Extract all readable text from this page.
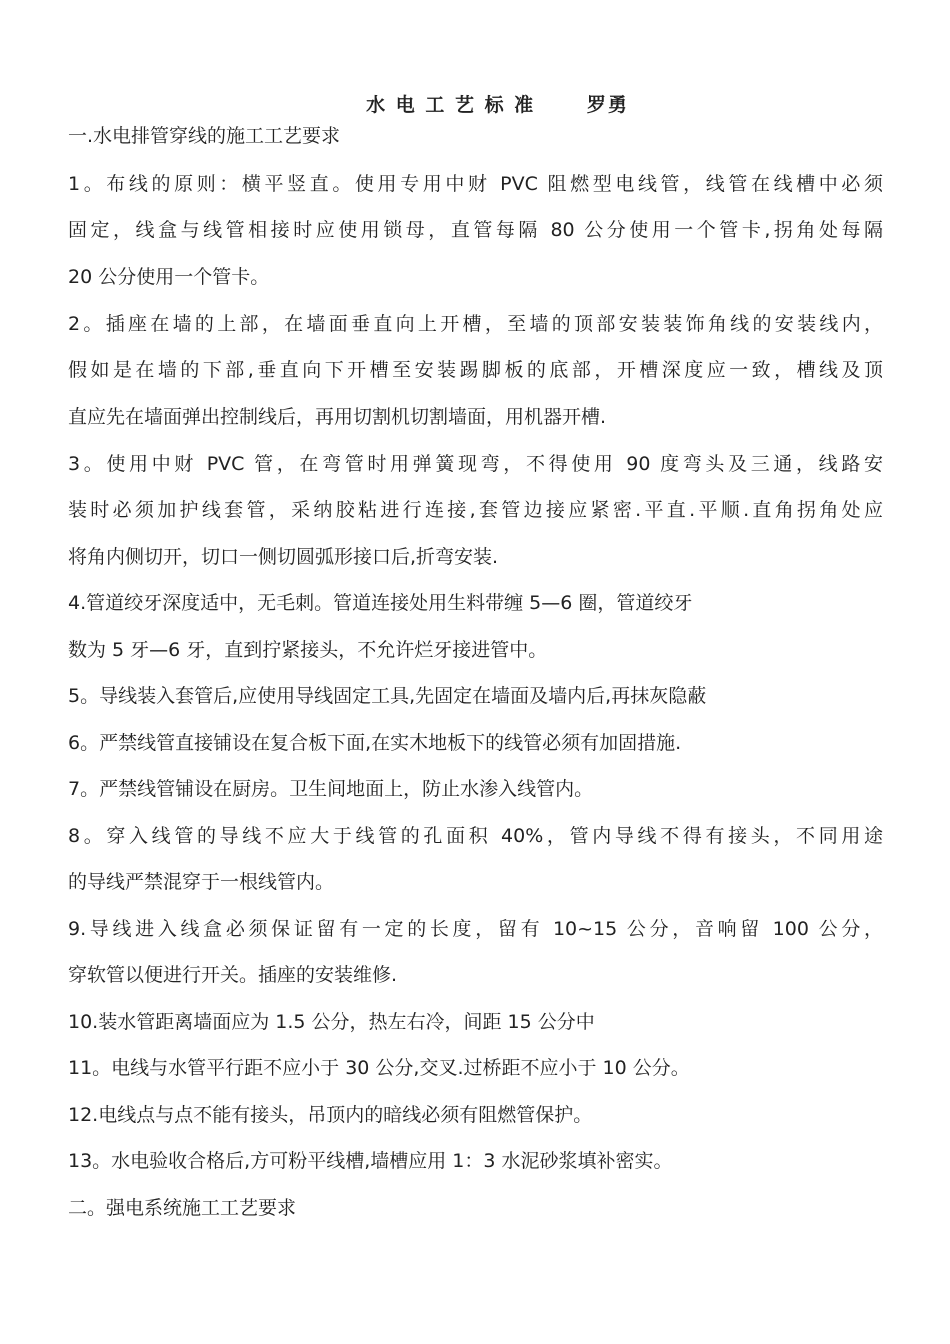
水 电 工 艺 标 准      罗勇
一.水电排管穿线的施工工艺要求
1。布线的原则：横平竖直。使用专用中财 PVC 阻燃型电线管，线管在线槽中必须
固定，线盒与线管相接时应使用锁母，直管每隔 80 公分使用一个管卡,拐角处每隔
20 公分使用一个管卡。
2。插座在墙的上部，在墙面垂直向上开槽，至墙的顶部安装装饰角线的安装线内，
假如是在墙的下部,垂直向下开槽至安装踢脚板的底部，开槽深度应一致，槽线及顶
直应先在墙面弹出控制线后，再用切割机切割墙面，用机器开槽.
3。使用中财 PVC 管，在弯管时用弹簧现弯，不得使用 90 度弯头及三通，线路安
装时必须加护线套管，采纳胶粘进行连接,套管边接应紧密.平直.平顺.直角拐角处应
将角内侧切开，切口一侧切圆弧形接口后,折弯安装.
4.管道绞牙深度适中，无毛刺。管道连接处用生料带缠 5—6 圈，管道绞牙
数为 5 牙—6 牙，直到拧紧接头，不允许烂牙接进管中。
5。导线装入套管后,应使用导线固定工具,先固定在墙面及墙内后,再抹灰隐蔽
6。严禁线管直接铺设在复合板下面,在实木地板下的线管必须有加固措施.
7。严禁线管铺设在厨房。卫生间地面上，防止水渗入线管内。
8。穿入线管的导线不应大于线管的孔面积 40%，管内导线不得有接头，不同用途
的导线严禁混穿于一根线管内。
9.导线进入线盒必须保证留有一定的长度，留有 10~15 公分，音响留 100 公分，
穿软管以便进行开关。插座的安装维修.
10.装水管距离墙面应为 1.5 公分，热左右冷，间距 15 公分中
11。电线与水管平行距不应小于 30 公分,交叉.过桥距不应小于 10 公分。
12.电线点与点不能有接头，吊顶内的暗线必须有阻燃管保护。
13。水电验收合格后,方可粉平线槽,墙槽应用 1：3 水泥砂浆填补密实。
二。强电系统施工工艺要求
